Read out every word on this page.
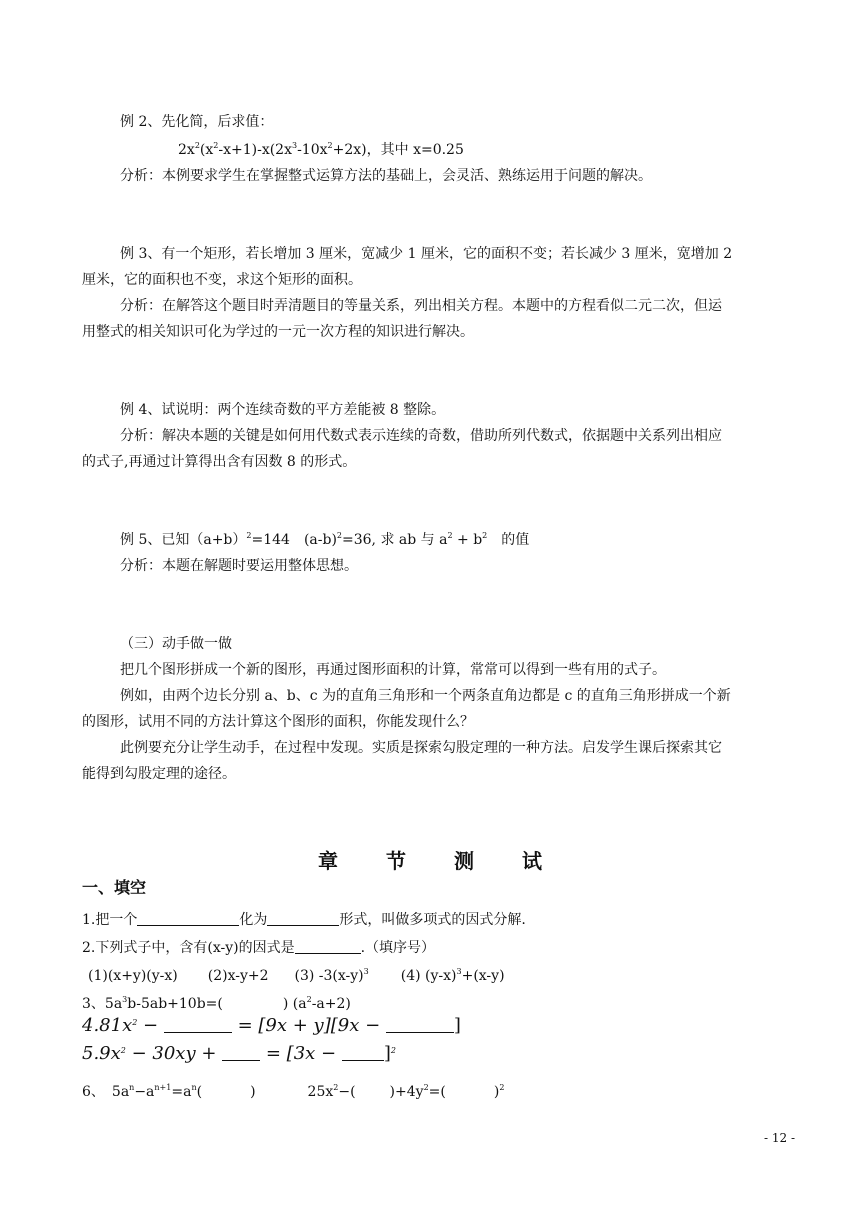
例 2、先化简，后求值：
$2x^2(x^2-x+1)-x(2x^3-10x^2+2x)$，其中 x=0.25
分析：本例要求学生在掌握整式运算方法的基础上，会灵活、熟练运用于问题的解决。
例 3、有一个矩形，若长增加 3 厘米，宽减少 1 厘米，它的面积不变；若长减少 3 厘米，宽增加 2
厘米，它的面积也不变，求这个矩形的面积。
分析：在解答这个题目时弄清题目的等量关系，列出相关方程。本题中的方程看似二元二次，但运
用整式的相关知识可化为学过的一元一次方程的知识进行解决。
例 4、试说明：两个连续奇数的平方差能被 8 整除。
分析：解决本题的关键是如何用代数式表示连续的奇数，借助所列代数式，依据题中关系列出相应
的式子,再通过计算得出含有因数 8 的形式。
例 5、已知$(a+b)^2=144$　$(a-b)^2=36$, 求 ab 与 $a^2 + b^2$　的值
分析：本题在解题时要运用整体思想。
（三）动手做一做
把几个图形拼成一个新的图形，再通过图形面积的计算，常常可以得到一些有用的式子。
例如，由两个边长分别 a、b、c 为的直角三角形和一个两条直角边都是 c 的直角三角形拼成一个新
的图形，试用不同的方法计算这个图形的面积，你能发现什么？
此例要充分让学生动手，在过程中发现。实质是探索勾股定理的一种方法。启发学生课后探索其它
能得到勾股定理的途径。
章 节 测 试
一、填空
1.把一个	化为	形式，叫做多项式的因式分解.
2.下列式子中，含有(x-y)的因式是	.（填序号）
(1)(x+y)(y-x) (2)x-y+2 (3) $-3(x-y)^3$ (4) $(y-x)^3+(x-y)$
3、$5a^3b-5ab+10b=$(	) $(a^2-a+2)$
$4.81x^2$ −	= [9x + y][9x −	]
$5.9x^2 - 30xy$ +  = $[3x - ]^2$
6、　$5a^n-a^{n+1}=a^n$(	)	$25x^2-$( )$+4y^2=$(	)$^2$
- 12 -
